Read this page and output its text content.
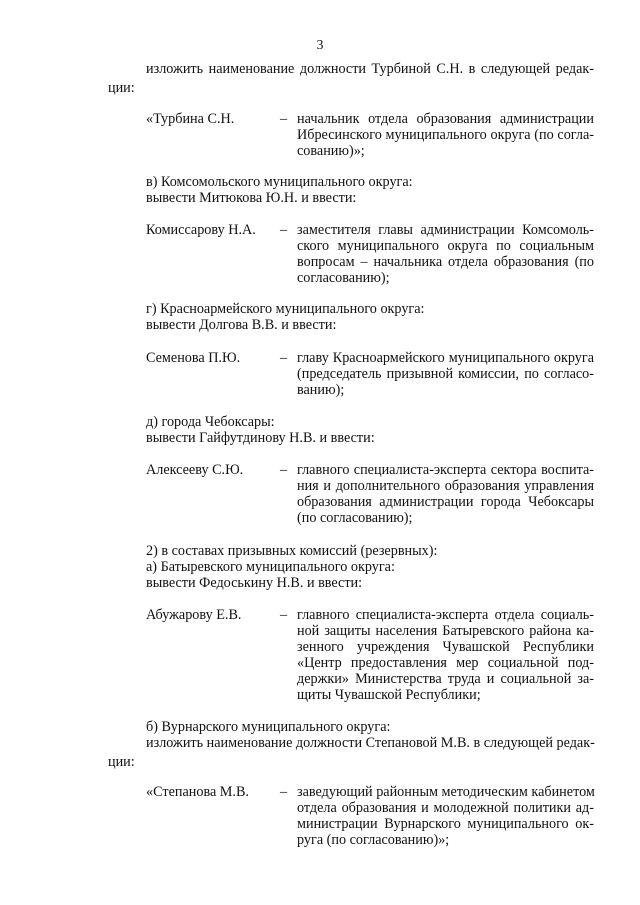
3
изложить наименование должности Турбиной С.Н. в следующей редак-
ции:
«Турбина С.Н.	– начальник отдела образования администрации
Ибресинского муниципального округа (по согла-
сованию)»;
в) Комсомольского муниципального округа:
вывести Митюкова Ю.Н. и ввести:
Комиссарову Н.А. – заместителя главы администрации Комсомоль-
ского муниципального округа по социальным
вопросам – начальника отдела образования (по
согласованию);
г) Красноармейского муниципального округа:
вывести Долгова В.В. и ввести:
Семенова П.Ю.	– главу Красноармейского муниципального округа
(председатель призывной комиссии, по согласо-
ванию);
д) города Чебоксары:
вывести Гайфутдинову Н.В. и ввести:
Алексееву С.Ю.	– главного специалиста-эксперта сектора воспита-
ния и дополнительного образования управления
образования администрации города Чебоксары
(по согласованию);
2) в составах призывных комиссий (резервных):
а) Батыревского муниципального округа:
вывести Федоськину Н.В. и ввести:
Абужарову Е.В.	– главного специалиста-эксперта отдела социаль-
ной защиты населения Батыревского района ка-
зенного учреждения Чувашской Республики
«Центр предоставления мер социальной под-
держки» Министерства труда и социальной за-
щиты Чувашской Республики;
б) Вурнарского муниципального округа:
изложить наименование должности Степановой М.В. в следующей редак-
ции:
«Степанова М.В. – заведующий районным методическим кабинетом
отдела образования и молодежной политики ад-
министрации Вурнарского муниципального ок-
руга (по согласованию)»;
